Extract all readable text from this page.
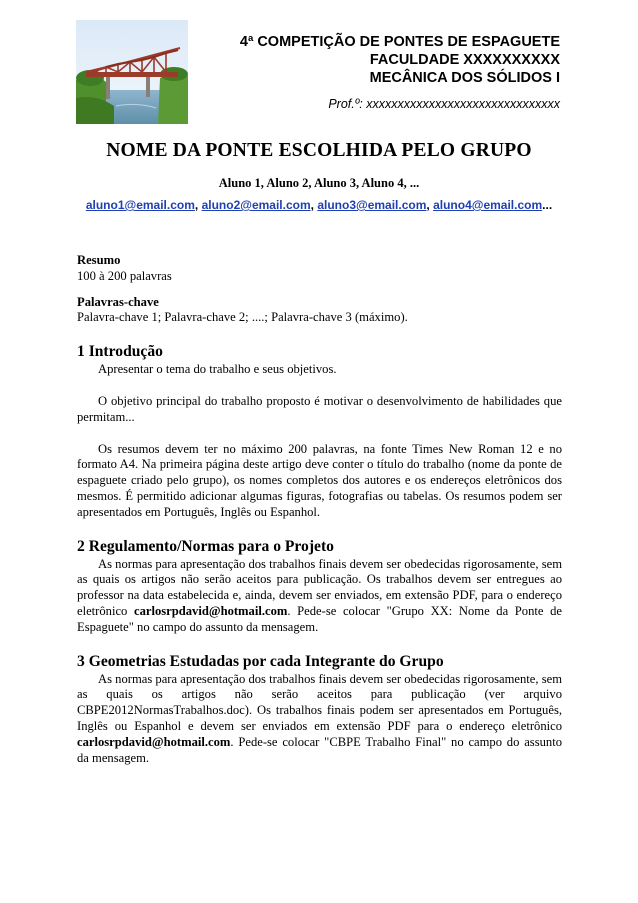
4ª COMPETIÇÃO DE PONTES DE ESPAGUETE
FACULDADE XXXXXXXXXX
MECÂNICA DOS SÓLIDOS I
Prof.º: xxxxxxxxxxxxxxxxxxxxxxxxxxxxxxx
NOME DA PONTE ESCOLHIDA PELO GRUPO
Aluno 1, Aluno 2, Aluno 3, Aluno 4, ...
aluno1@email.com, aluno2@email.com, aluno3@email.com, aluno4@email.com...

Resumo

100 à 200 palavras

Palavras-chave

Palavra-chave 1; Palavra-chave 2; ....; Palavra-chave 3 (máximo).

1 Introdução

Apresentar o tema do trabalho e seus objetivos.

O objetivo principal do trabalho proposto é motivar o desenvolvimento de habilidades que permitam...

Os resumos devem ter no máximo 200 palavras, na fonte Times New Roman 12 e no formato A4. Na primeira página deste artigo deve conter o título do trabalho (nome da ponte de espaguete criado pelo grupo), os nomes completos dos autores e os endereços eletrônicos dos mesmos. É permitido adicionar algumas figuras, fotografias ou tabelas. Os resumos podem ser apresentados em Português, Inglês ou Espanhol.

2 Regulamento/Normas para o Projeto

As normas para apresentação dos trabalhos finais devem ser obedecidas rigorosamente, sem as quais os artigos não serão aceitos para publicação. Os trabalhos devem ser entregues ao professor na data estabelecida e, ainda, devem ser enviados, em extensão PDF, para o endereço eletrônico carlosrpdavid@hotmail.com. Pede-se colocar "Grupo XX: Nome da Ponte de Espaguete" no campo do assunto da mensagem.

3 Geometrias Estudadas por cada Integrante do Grupo

As normas para apresentação dos trabalhos finais devem ser obedecidas rigorosamente, sem as quais os artigos não serão aceitos para publicação (ver arquivo CBPE2012NormasTrabalhos.doc). Os trabalhos finais podem ser apresentados em Português, Inglês ou Espanhol e devem ser enviados em extensão PDF para o endereço eletrônico carlosrpdavid@hotmail.com. Pede-se colocar "CBPE Trabalho Final" no campo do assunto da mensagem.
